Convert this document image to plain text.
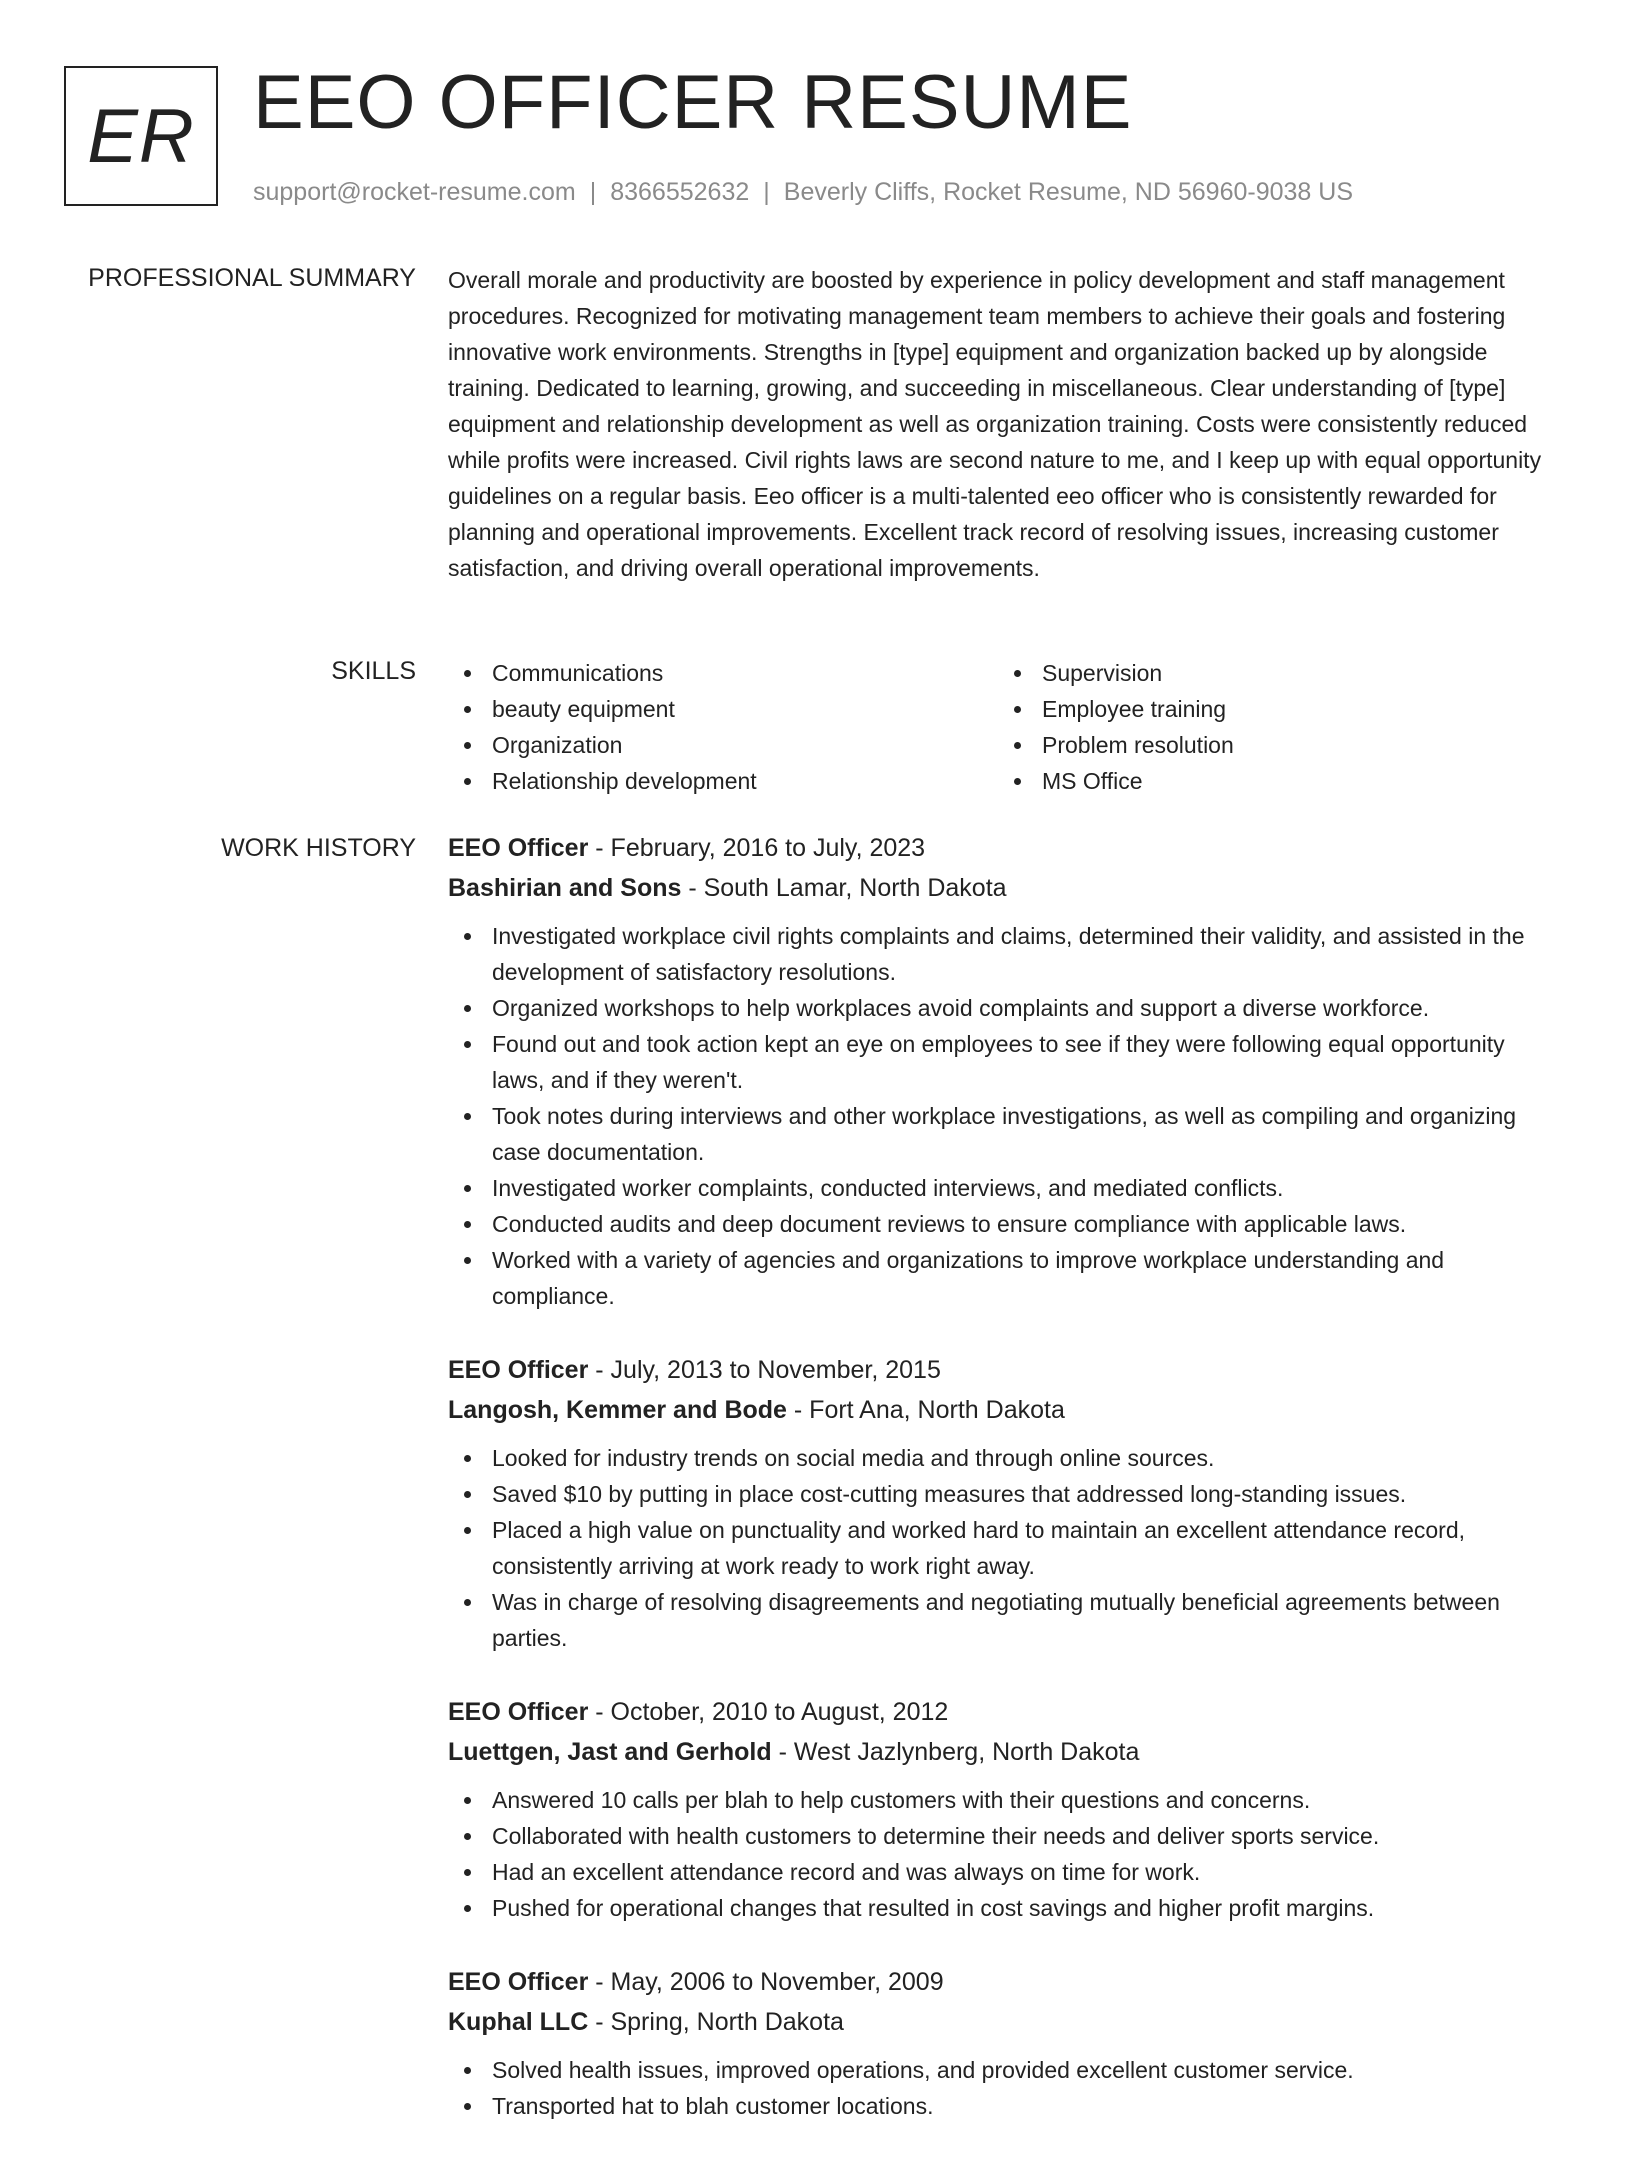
ER EEO OFFICER RESUME
support@rocket-resume.com | 8366552632 | Beverly Cliffs, Rocket Resume, ND 56960-9038 US
PROFESSIONAL SUMMARY Overall morale and productivity are boosted by experience in policy development and staff management procedures. Recognized for motivating management team members to achieve their goals and fostering innovative work environments. Strengths in [type] equipment and organization backed up by alongside training. Dedicated to learning, growing, and succeeding in miscellaneous. Clear understanding of [type] equipment and relationship development as well as organization training. Costs were consistently reduced while profits were increased. Civil rights laws are second nature to me, and I keep up with equal opportunity guidelines on a regular basis. Eeo officer is a multi-talented eeo officer who is consistently rewarded for planning and operational improvements. Excellent track record of resolving issues, increasing customer satisfaction, and driving overall operational improvements.

SKILLS	Communications
beauty equipment
Organization
Relationship development
Supervision
Employee training
Problem resolution
MS Office
WORK HISTORY EEO Officer - February, 2016 to July, 2023
Bashirian and Sons - South Lamar, North Dakota
Investigated workplace civil rights complaints and claims, determined their validity, and assisted in the development of satisfactory resolutions.
Organized workshops to help workplaces avoid complaints and support a diverse workforce.
Found out and took action kept an eye on employees to see if they were following equal opportunity laws, and if they weren't.
Took notes during interviews and other workplace investigations, as well as compiling and organizing case documentation.
Investigated worker complaints, conducted interviews, and mediated conflicts.
Conducted audits and deep document reviews to ensure compliance with applicable laws.
Worked with a variety of agencies and organizations to improve workplace understanding and compliance.
EEO Officer - July, 2013 to November, 2015
Langosh, Kemmer and Bode - Fort Ana, North Dakota
Looked for industry trends on social media and through online sources.
Saved $10 by putting in place cost-cutting measures that addressed long-standing issues.
Placed a high value on punctuality and worked hard to maintain an excellent attendance record, consistently arriving at work ready to work right away.
Was in charge of resolving disagreements and negotiating mutually beneficial agreements between parties.
EEO Officer - October, 2010 to August, 2012
Luettgen, Jast and Gerhold - West Jazlynberg, North Dakota
Answered 10 calls per blah to help customers with their questions and concerns.
Collaborated with health customers to determine their needs and deliver sports service.
Had an excellent attendance record and was always on time for work.
Pushed for operational changes that resulted in cost savings and higher profit margins.
EEO Officer - May, 2006 to November, 2009
Kuphal LLC - Spring, North Dakota
Solved health issues, improved operations, and provided excellent customer service.
Transported hat to blah customer locations.
